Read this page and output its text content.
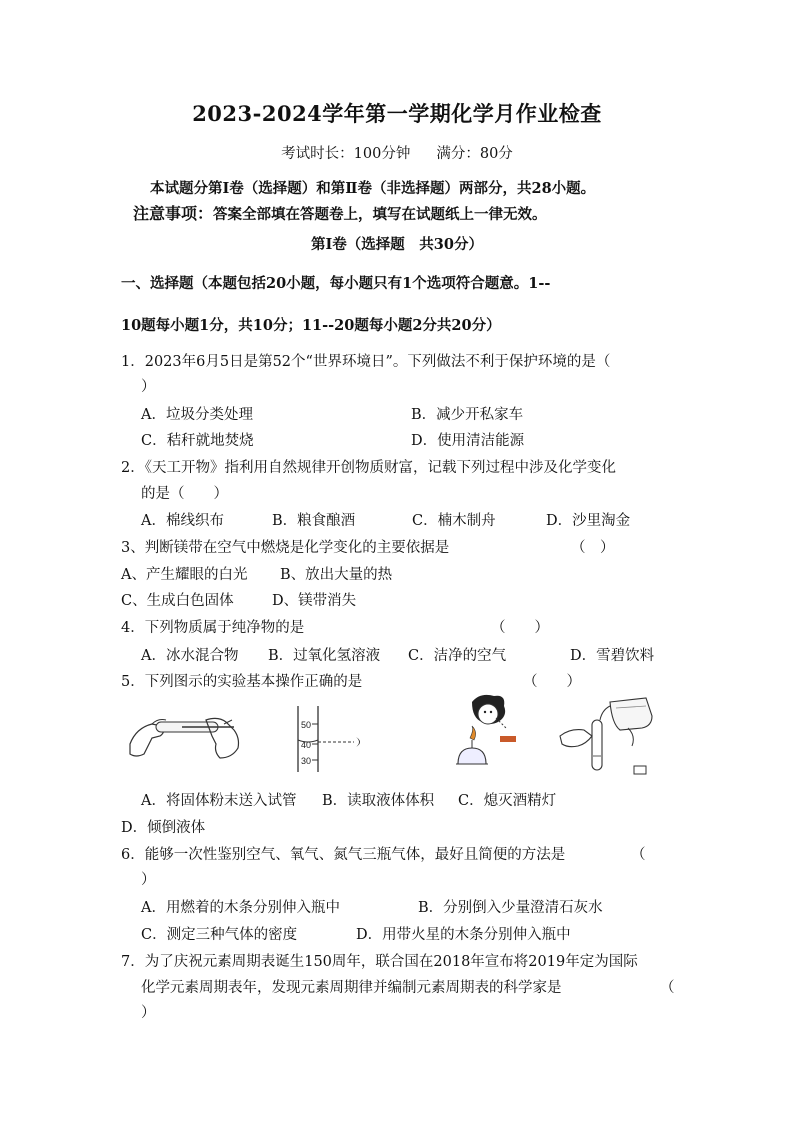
2023-2024学年第一学期化学月作业检查
考试时长：100分钟 满分：80分
本试题分第Ⅰ卷（选择题）和第Ⅱ卷（非选择题）两部分，共28小题。
注意事项：答案全部填在答题卷上，填写在试题纸上一律无效。
第Ⅰ卷（选择题　共30分）
一、选择题（本题包括20小题，每小题只有1个选项符合题意。1--
10题每小题1分，共10分；11--20题每小题2分共20分）
1．2023年6月5日是第52个“世界环境日”。下列做法不利于保护环境的是（
）
A．垃圾分类处理	B．减少开私家车
C．秸秆就地焚烧	D．使用清洁能源
2．《天工开物》指利用自然规律开创物质财富，记载下列过程中涉及化学变化
的是（　　）
A．棉线织布	B．粮食酿酒	C．楠木制舟	D．沙里淘金
3、判断镁带在空气中燃烧是化学变化的主要依据是	（　）
A、产生耀眼的白光 B、放出大量的热
C、生成白色固体	D、镁带消失
4．下列物质属于纯净物的是	（　　）
A．冰水混合物 B．过氧化氢溶液 C．洁净的空气	D．雪碧饮料
5．下列图示的实验基本操作正确的是	（　　）
50
40
30
A．将固体粉末送入试管 B．读取液体体积 C．熄灭酒精灯
D．倾倒液体
6．能够一次性鉴别空气、氧气、氮气三瓶气体，最好且简便的方法是	（
）
A．用燃着的木条分别伸入瓶中	B．分别倒入少量澄清石灰水
C．测定三种气体的密度	D．用带火星的木条分别伸入瓶中
7．为了庆祝元素周期表诞生150周年，联合国在2018年宣布将2019年定为国际
化学元素周期表年，发现元素周期律并编制元素周期表的科学家是	（
）
